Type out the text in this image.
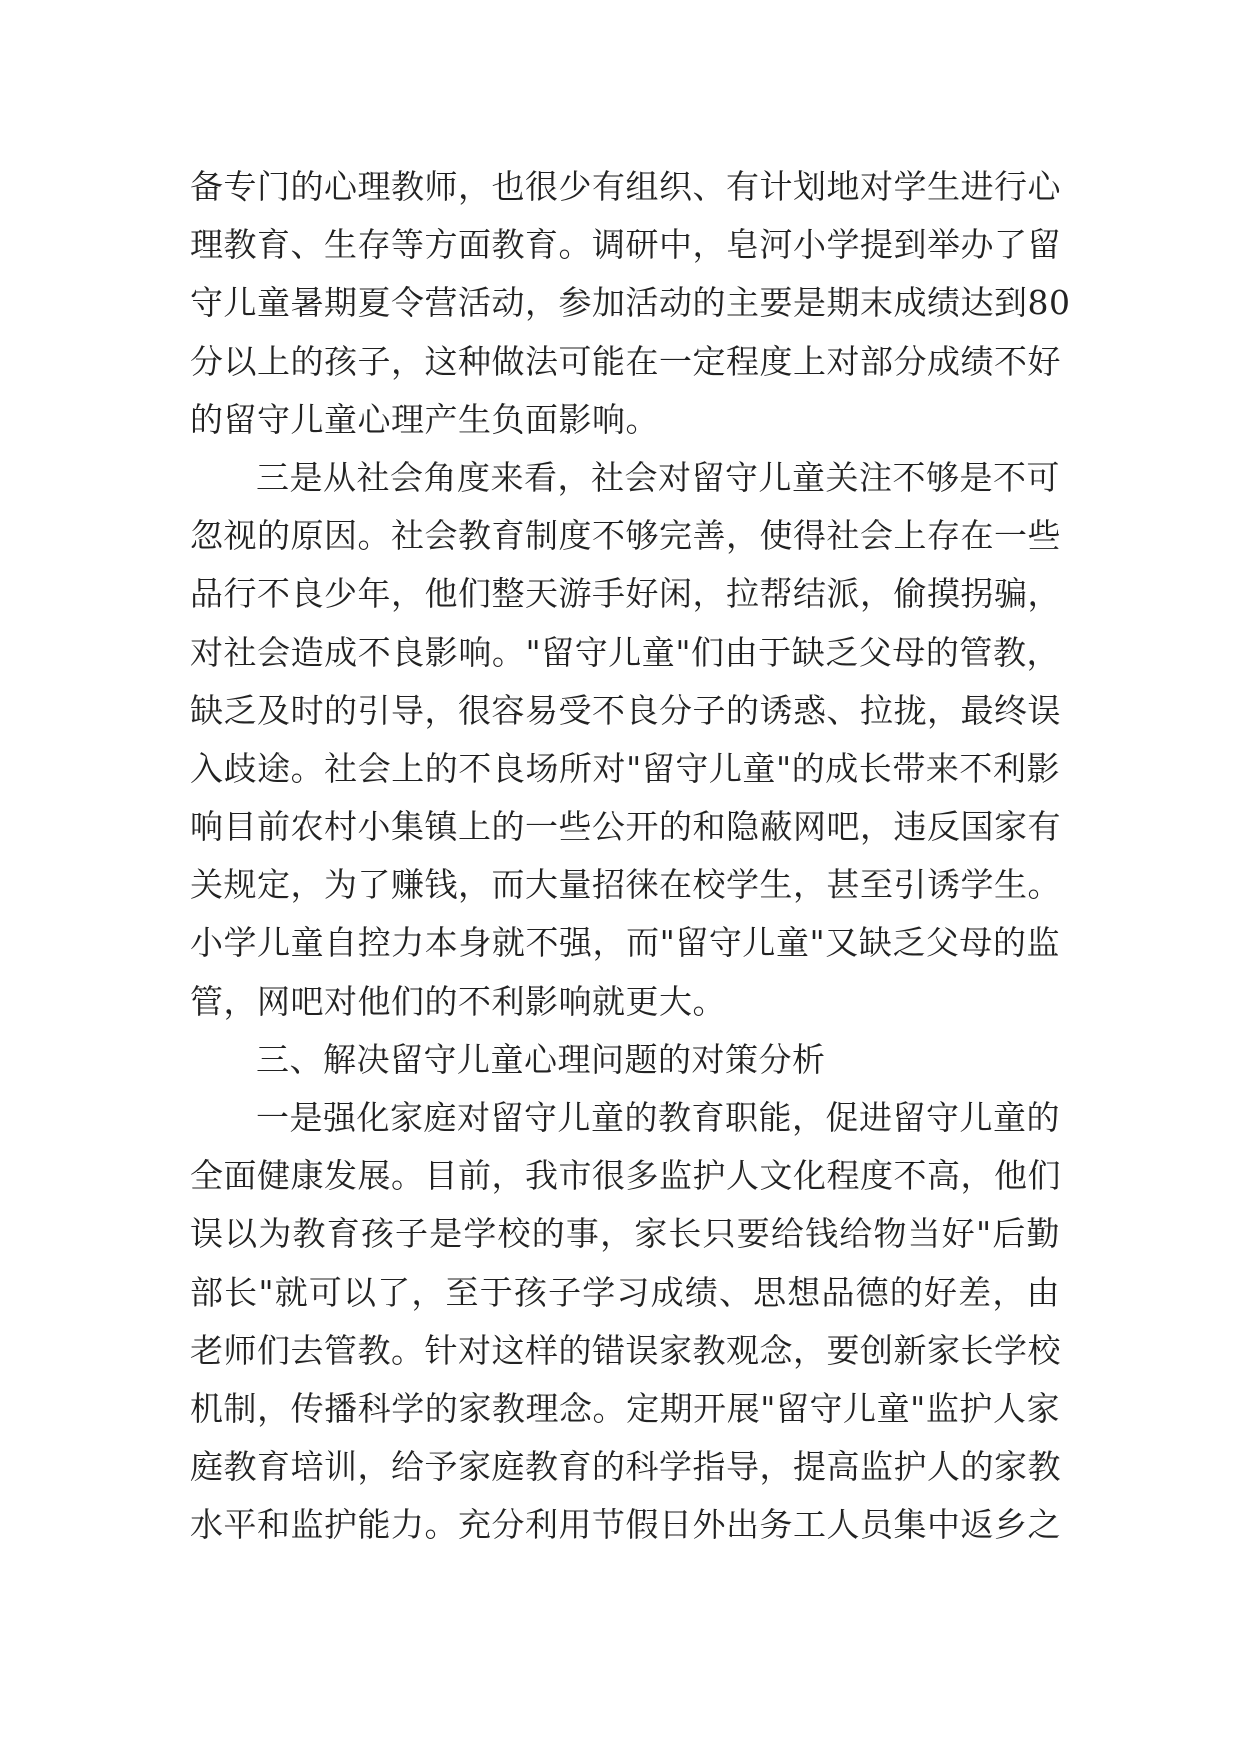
备专门的心理教师，也很少有组织、有计划地对学生进行心
理教育、生存等方面教育。调研中，皂河小学提到举办了留
守儿童暑期夏令营活动，参加活动的主要是期末成绩达到80
分以上的孩子，这种做法可能在一定程度上对部分成绩不好
的留守儿童心理产生负面影响。
三是从社会角度来看，社会对留守儿童关注不够是不可
忽视的原因。社会教育制度不够完善，使得社会上存在一些
品行不良少年，他们整天游手好闲，拉帮结派，偷摸拐骗，
对社会造成不良影响。"留守儿童"们由于缺乏父母的管教，
缺乏及时的引导，很容易受不良分子的诱惑、拉拢，最终误
入歧途。社会上的不良场所对"留守儿童"的成长带来不利影
响目前农村小集镇上的一些公开的和隐蔽网吧，违反国家有
关规定，为了赚钱，而大量招徕在校学生，甚至引诱学生。
小学儿童自控力本身就不强，而"留守儿童"又缺乏父母的监
管，网吧对他们的不利影响就更大。
三、解决留守儿童心理问题的对策分析
一是强化家庭对留守儿童的教育职能，促进留守儿童的
全面健康发展。目前，我市很多监护人文化程度不高，他们
误以为教育孩子是学校的事，家长只要给钱给物当好"后勤
部长"就可以了，至于孩子学习成绩、思想品德的好差，由
老师们去管教。针对这样的错误家教观念，要创新家长学校
机制，传播科学的家教理念。定期开展"留守儿童"监护人家
庭教育培训，给予家庭教育的科学指导，提高监护人的家教
水平和监护能力。充分利用节假日外出务工人员集中返乡之
